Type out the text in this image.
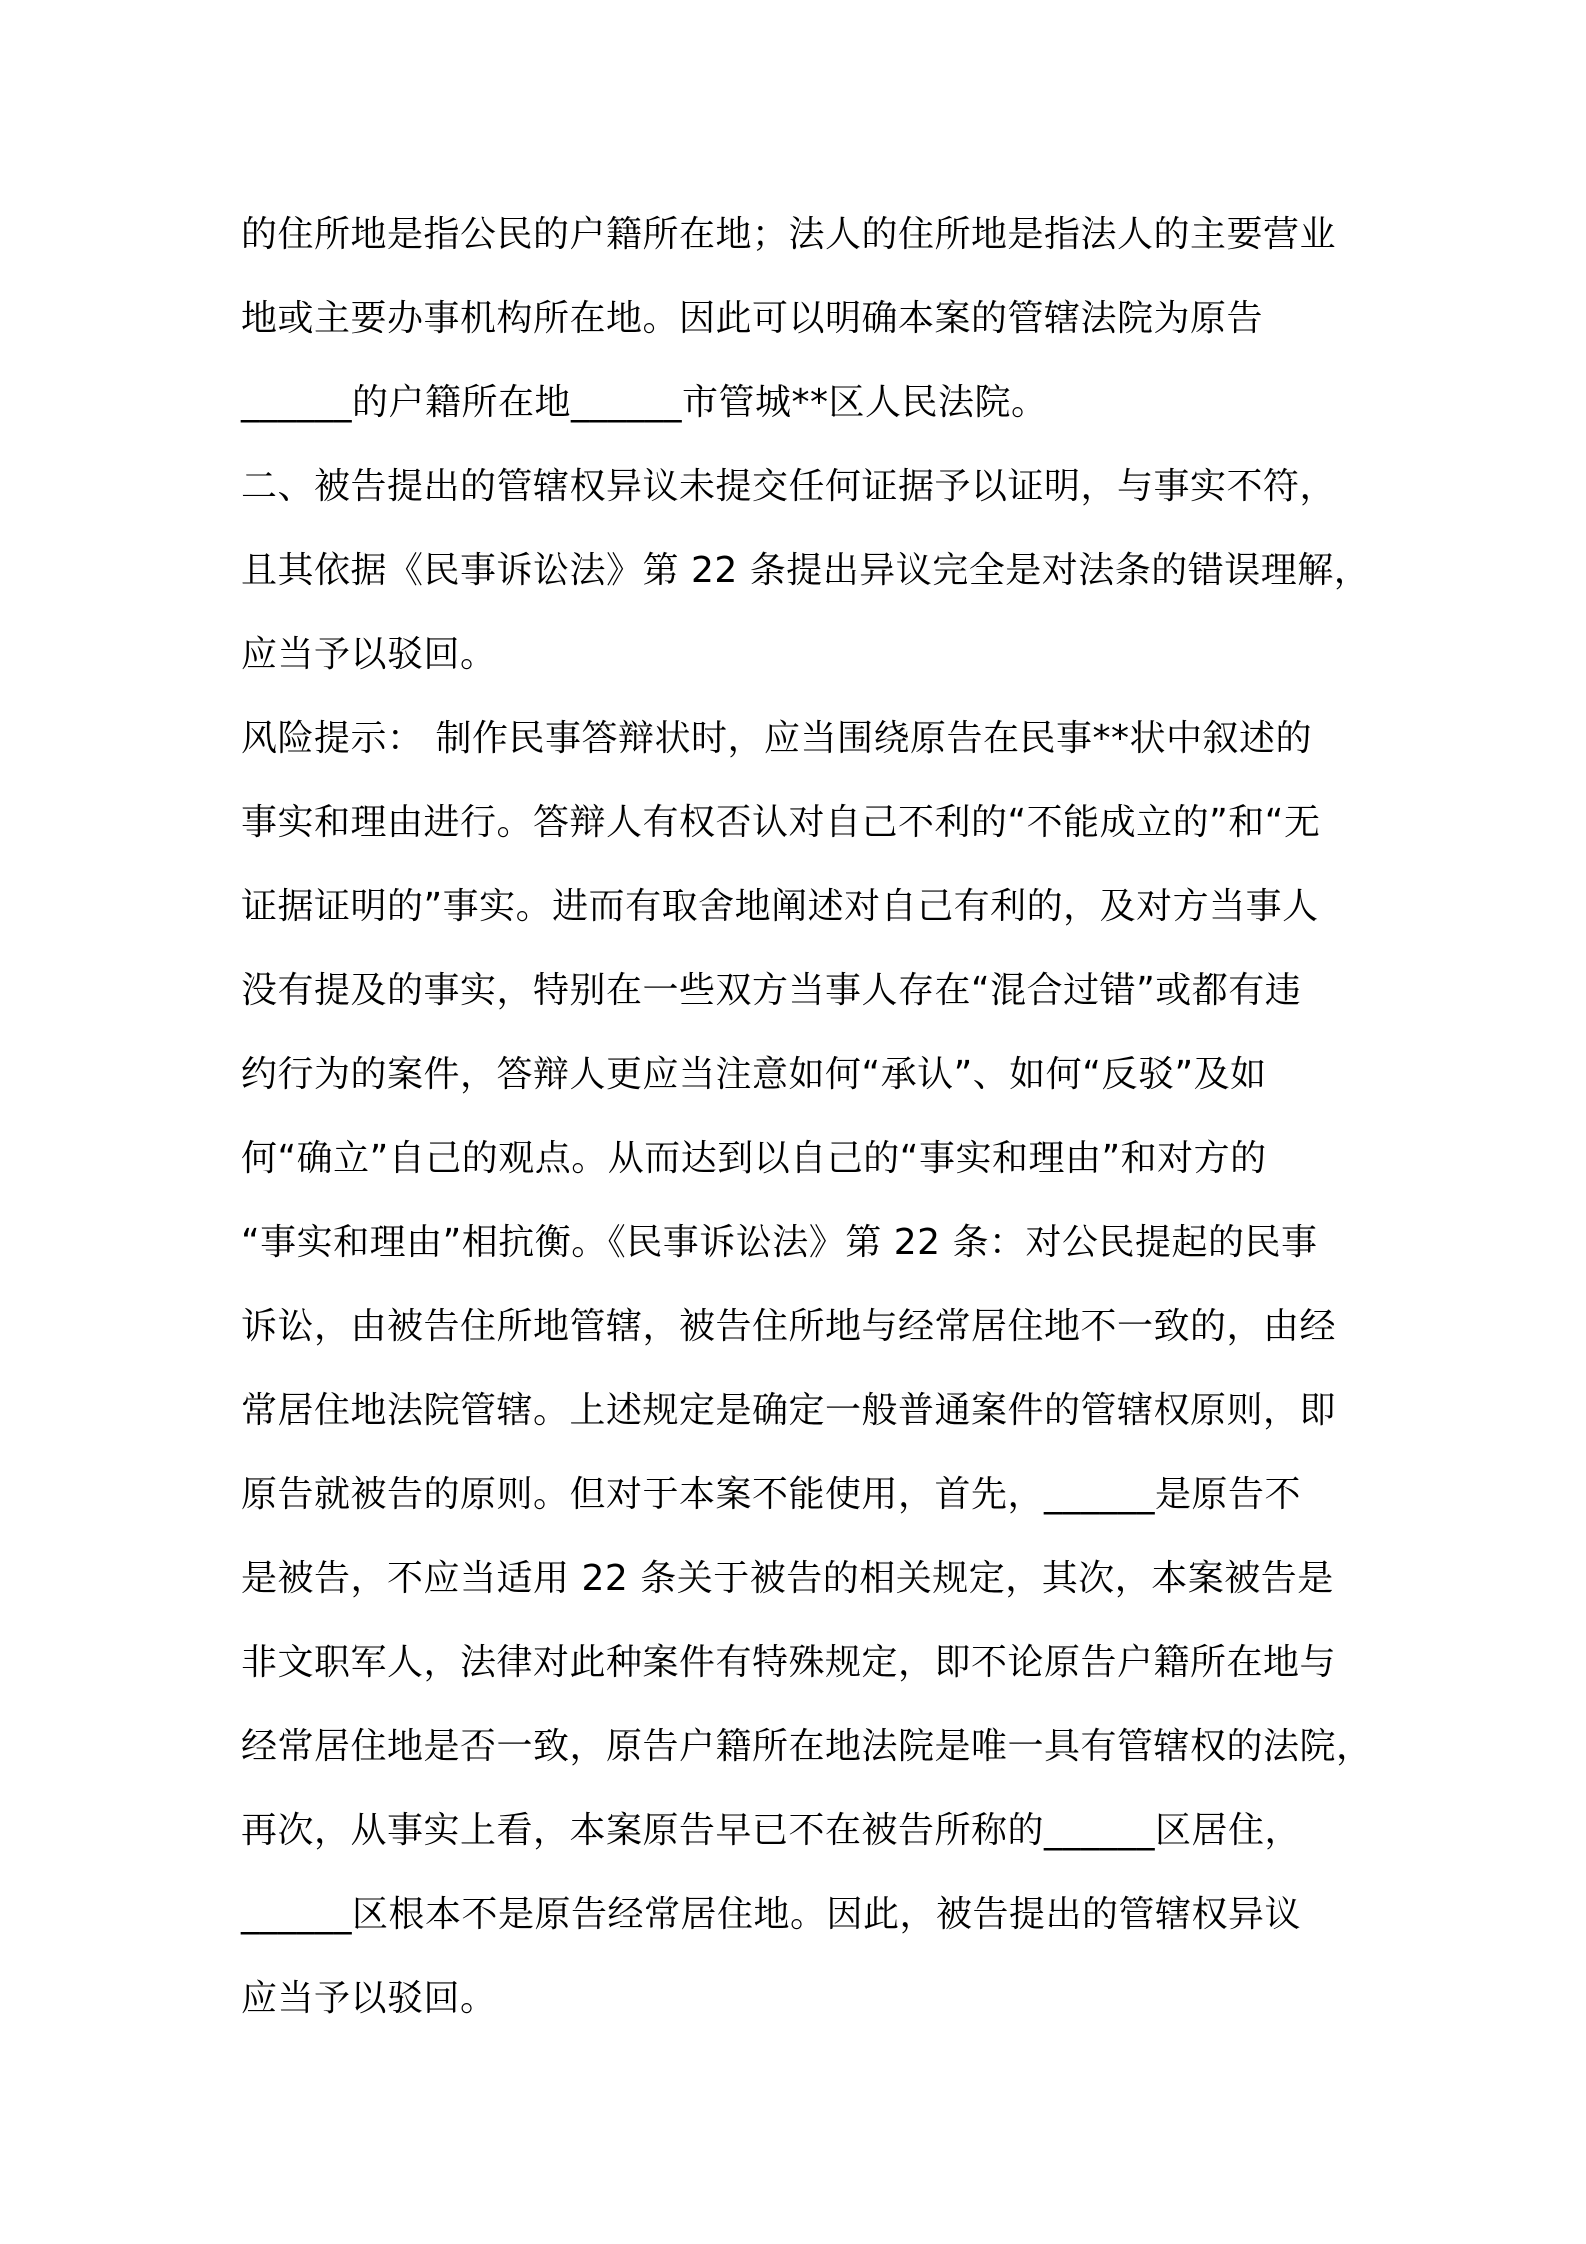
的住所地是指公民的户籍所在地；法人的住所地是指法人的主要营业
地或主要办事机构所在地。因此可以明确本案的管辖法院为原告
______的户籍所在地______市管城**区人民法院。
二、被告提出的管辖权异议未提交任何证据予以证明，与事实不符，
且其依据《民事诉讼法》第 22 条提出异议完全是对法条的错误理解，
应当予以驳回。
风险提示： 制作民事答辩状时，应当围绕原告在民事**状中叙述的
事实和理由进行。答辩人有权否认对自己不利的“不能成立的”和“无
证据证明的”事实。进而有取舍地阐述对自己有利的，及对方当事人
没有提及的事实，特别在一些双方当事人存在“混合过错”或都有违
约行为的案件，答辩人更应当注意如何“承认”、如何“反驳”及如
何“确立”自己的观点。从而达到以自己的“事实和理由”和对方的
“事实和理由”相抗衡。《民事诉讼法》第 22 条：对公民提起的民事
诉讼，由被告住所地管辖，被告住所地与经常居住地不一致的，由经
常居住地法院管辖。上述规定是确定一般普通案件的管辖权原则，即
原告就被告的原则。但对于本案不能使用，首先，______是原告不
是被告，不应当适用 22 条关于被告的相关规定，其次，本案被告是
非文职军人，法律对此种案件有特殊规定，即不论原告户籍所在地与
经常居住地是否一致，原告户籍所在地法院是唯一具有管辖权的法院，
再次，从事实上看，本案原告早已不在被告所称的______区居住，
______区根本不是原告经常居住地。因此，被告提出的管辖权异议
应当予以驳回。
